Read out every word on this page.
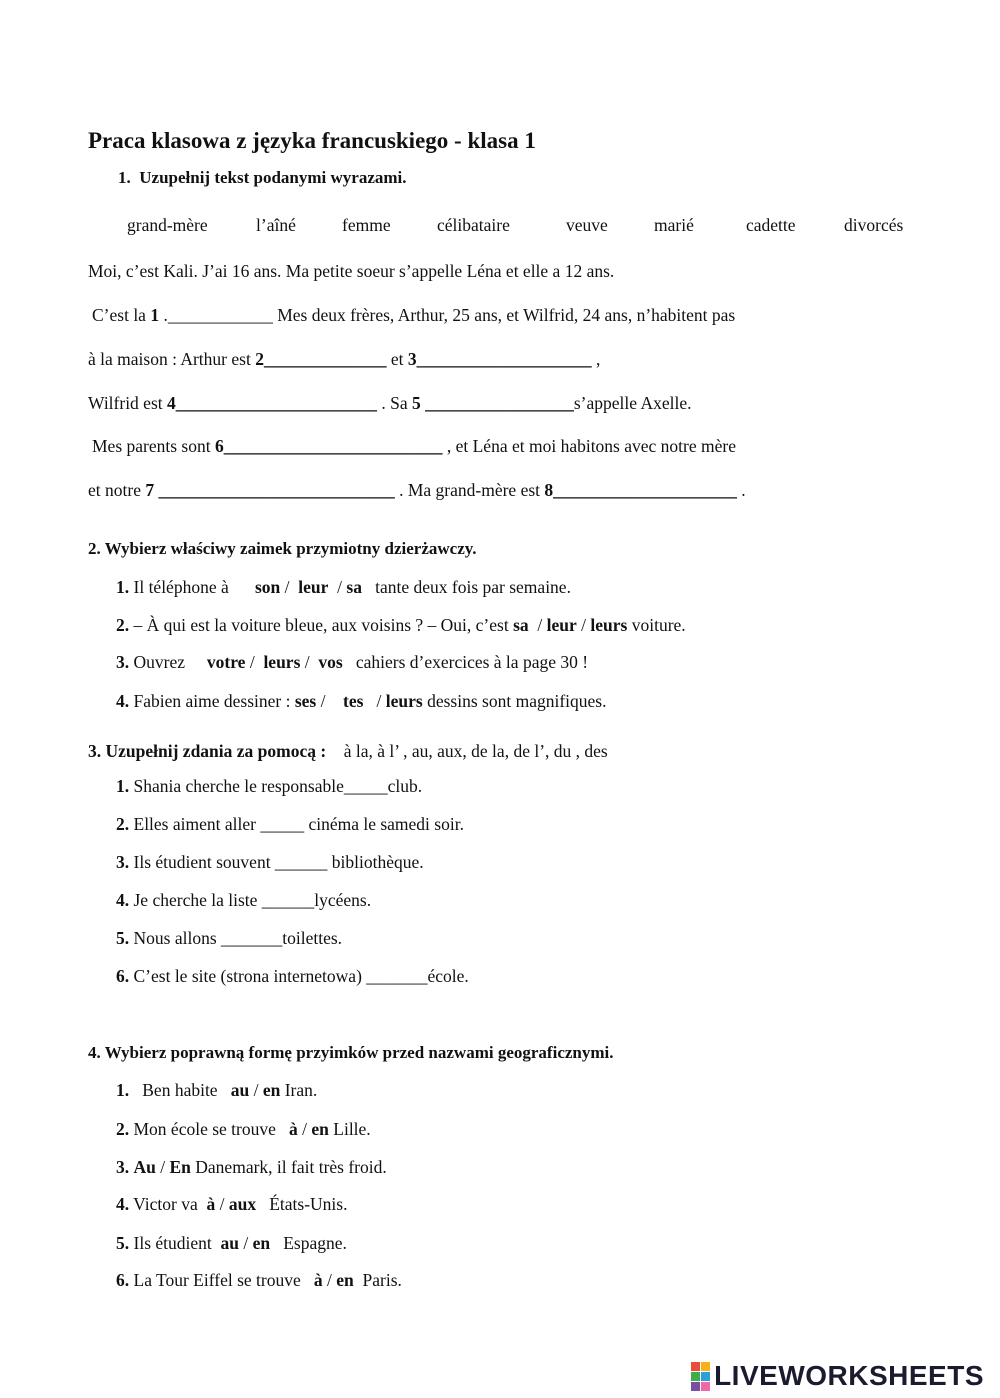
Praca klasowa z języka francuskiego - klasa 1
1. Uzupełnij tekst podanymi wyrazami.
grand-mère	l’aîné	femme	célibataire	veuve	marié	cadette	divorcés
Moi, c’est Kali. J’ai 16 ans. Ma petite soeur s’appelle Léna et elle a 12 ans.
C’est la 1 .____________ Mes deux frères, Arthur, 25 ans, et Wilfrid, 24 ans, n’habitent pas
à la maison : Arthur est 2______________ et 3____________________ ,
Wilfrid est 4_______________________ . Sa 5 _________________s’appelle Axelle.
Mes parents sont 6_________________________ , et Léna et moi habitons avec notre mère
et notre 7 ___________________________ . Ma grand-mère est 8_____________________ .
2. Wybierz właściwy zaimek przymiotny dzierżawczy.
1. Il téléphone à      son /  leur  / sa   tante deux fois par semaine.
2. – À qui est la voiture bleue, aux voisins ? – Oui, c’est sa  / leur / leurs voiture.
3. Ouvrez     votre /  leurs /  vos   cahiers d’exercices à la page 30 !
4. Fabien aime dessiner : ses /    tes   / leurs dessins sont magnifiques.
3. Uzupełnij zdania za pomocą : à la, à l’ , au, aux, de la, de l’, du , des
1. Shania cherche le responsable_____club.
2. Elles aiment aller _____ cinéma le samedi soir.
3. Ils étudient souvent ______ bibliothèque.
4. Je cherche la liste ______lycéens.
5. Nous allons _______toilettes.
6. C’est le site (strona internetowa) _______école.
4. Wybierz poprawną formę przyimków przed nazwami geograficznymi.
1.   Ben habite   au / en Iran.
2. Mon école se trouve   à / en Lille.
3. Au / En Danemark, il fait très froid.
4. Victor va  à / aux   États-Unis.
5. Ils étudient  au / en   Espagne.
6. La Tour Eiffel se trouve   à / en  Paris.
LIVEWORKSHEETS
